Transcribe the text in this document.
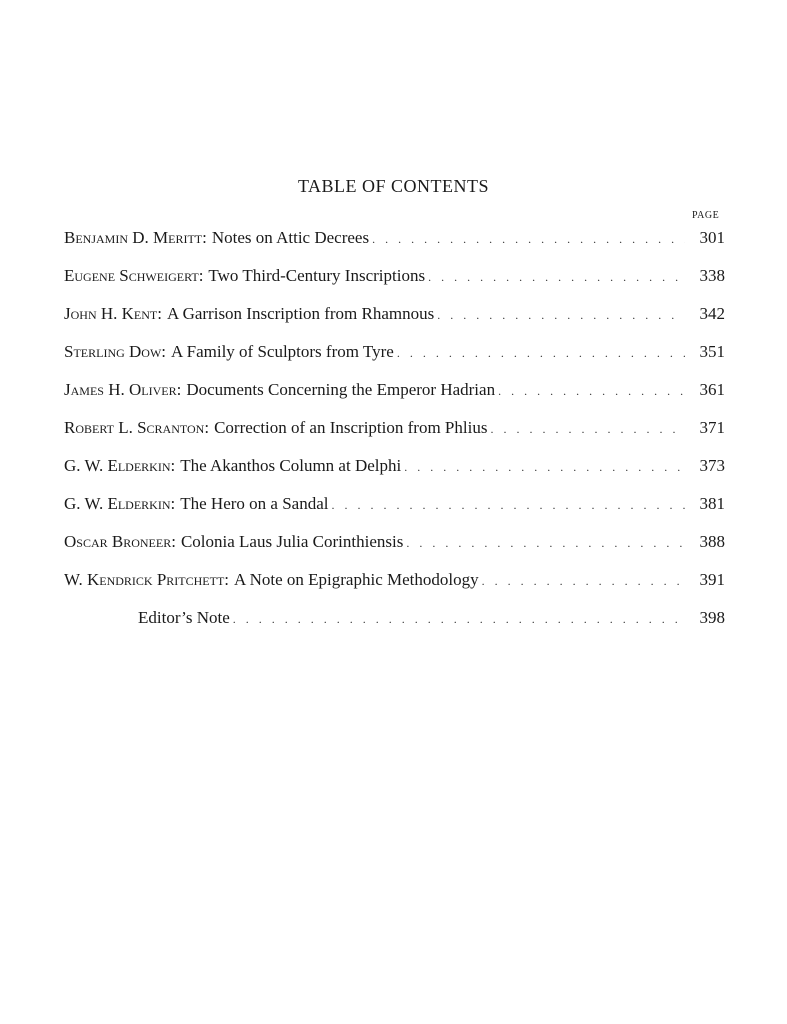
TABLE OF CONTENTS
PAGE
Benjamin D. Meritt : Notes on Attic Decrees . . .	301
Eugene Schweigert : Two Third-Century Inscriptions . . .	338
John H. Kent : A Garrison Inscription from Rhamnous . . .	342
Sterling Dow : A Family of Sculptors from Tyre . . .	351
James H. Oliver : Documents Concerning the Emperor Hadrian . . .	361
Robert L. Scranton : Correction of an Inscription from Phlius . . .	371
G. W. Elderkin : The Akanthos Column at Delphi . . .	373
G. W. Elderkin : The Hero on a Sandal . . .	381
Oscar Broneer : Colonia Laus Julia Corinthiensis . . .	388
W. Kendrick Pritchett : A Note on Epigraphic Methodology . . .	391
Editor’s Note . . .	398
